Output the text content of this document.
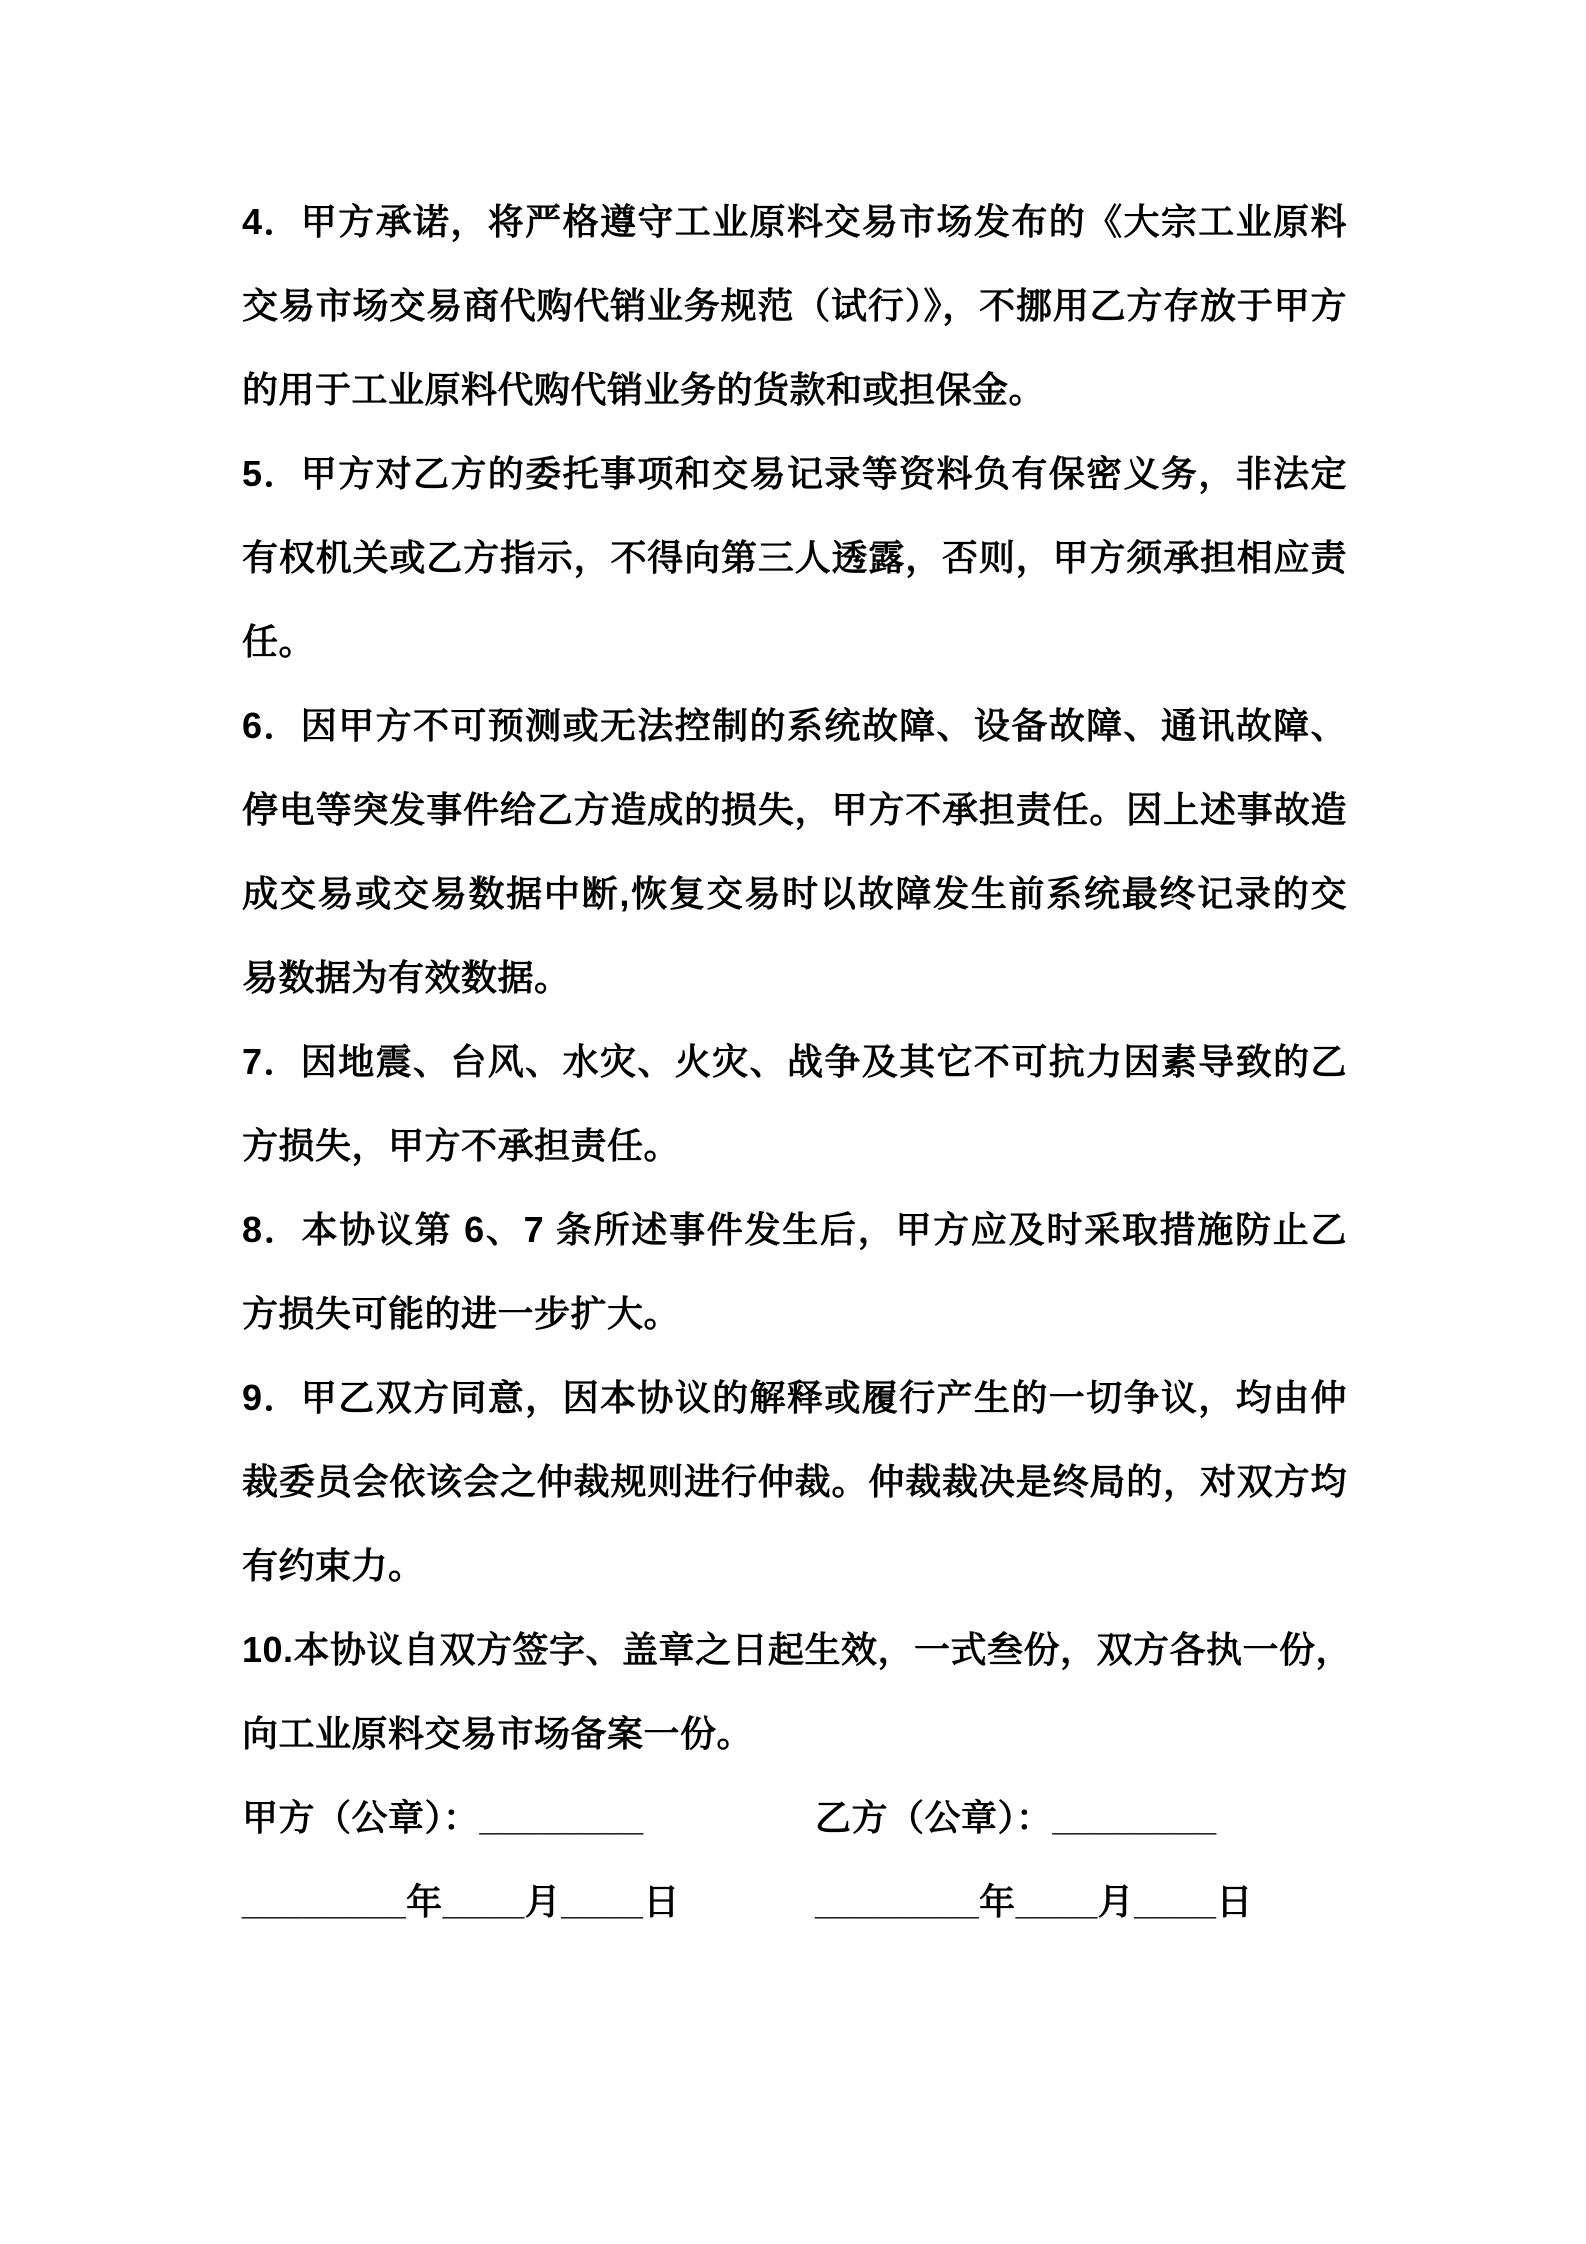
4．甲方承诺，将严格遵守工业原料交易市场发布的《大宗工业原料
交易市场交易商代购代销业务规范（试行）》，不挪用乙方存放于甲方
的用于工业原料代购代销业务的货款和或担保金。
5．甲方对乙方的委托事项和交易记录等资料负有保密义务，非法定
有权机关或乙方指示，不得向第三人透露，否则，甲方须承担相应责
任。
6．因甲方不可预测或无法控制的系统故障、设备故障、通讯故障、
停电等突发事件给乙方造成的损失，甲方不承担责任。因上述事故造
成交易或交易数据中断,恢复交易时以故障发生前系统最终记录的交
易数据为有效数据。
7．因地震、台风、水灾、火灾、战争及其它不可抗力因素导致的乙
方损失，甲方不承担责任。
8．本协议第 6、7 条所述事件发生后，甲方应及时采取措施防止乙
方损失可能的进一步扩大。
9．甲乙双方同意，因本协议的解释或履行产生的一切争议，均由仲
裁委员会依该会之仲裁规则进行仲裁。仲裁裁决是终局的，对双方均
有约束力。
10.本协议自双方签字、盖章之日起生效，一式叁份，双方各执一份，
向工业原料交易市场备案一份。
甲方（公章）：________	乙方（公章）：________
________年____月____日	________年____月____日
